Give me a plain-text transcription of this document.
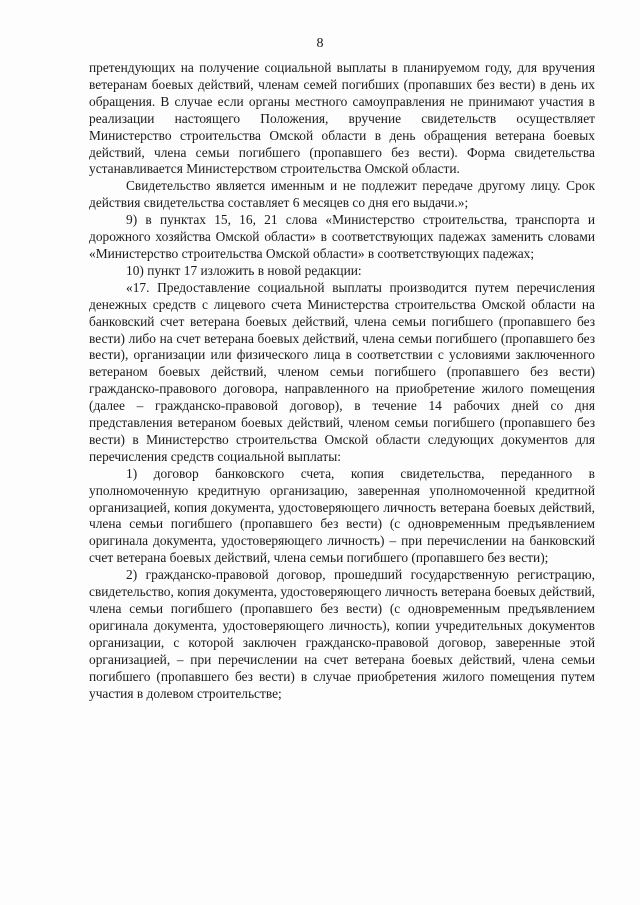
8

претендующих на получение социальной выплаты в планируемом году, для вручения ветеранам боевых действий, членам семей погибших (пропавших без вести) в день их обращения. В случае если органы местного самоуправления не принимают участия в реализации настоящего Положения, вручение свидетельств осуществляет Министерство строительства Омской области в день обращения ветерана боевых действий, члена семьи погибшего (пропавшего без вести). Форма свидетельства устанавливается Министерством строительства Омской области.

Свидетельство является именным и не подлежит передаче другому лицу. Срок действия свидетельства составляет 6 месяцев со дня его выдачи.»;

9) в пунктах 15, 16, 21 слова «Министерство строительства, транспорта и дорожного хозяйства Омской области» в соответствующих падежах заменить словами «Министерство строительства Омской области» в соответствующих падежах;

10) пункт 17 изложить в новой редакции:

«17. Предоставление социальной выплаты производится путем перечисления денежных средств с лицевого счета Министерства строительства Омской области на банковский счет ветерана боевых действий, члена семьи погибшего (пропавшего без вести) либо на счет ветерана боевых действий, члена семьи погибшего (пропавшего без вести), организации или физического лица в соответствии с условиями заключенного ветераном боевых действий, членом семьи погибшего (пропавшего без вести) гражданско-правового договора, направленного на приобретение жилого помещения (далее – гражданско-правовой договор), в течение 14 рабочих дней со дня представления ветераном боевых действий, членом семьи погибшего (пропавшего без вести) в Министерство строительства Омской области следующих документов для перечисления средств социальной выплаты:

1) договор банковского счета, копия свидетельства, переданного в уполномоченную кредитную организацию, заверенная уполномоченной кредитной организацией, копия документа, удостоверяющего личность ветерана боевых действий, члена семьи погибшего (пропавшего без вести) (с одновременным предъявлением оригинала документа, удостоверяющего личность) – при перечислении на банковский счет ветерана боевых действий, члена семьи погибшего (пропавшего без вести);

2) гражданско-правовой договор, прошедший государственную регистрацию, свидетельство, копия документа, удостоверяющего личность ветерана боевых действий, члена семьи погибшего (пропавшего без вести) (с одновременным предъявлением оригинала документа, удостоверяющего личность), копии учредительных документов организации, с которой заключен гражданско-правовой договор, заверенные этой организацией, – при перечислении на счет ветерана боевых действий, члена семьи погибшего (пропавшего без вести) в случае приобретения жилого помещения путем участия в долевом строительстве;
